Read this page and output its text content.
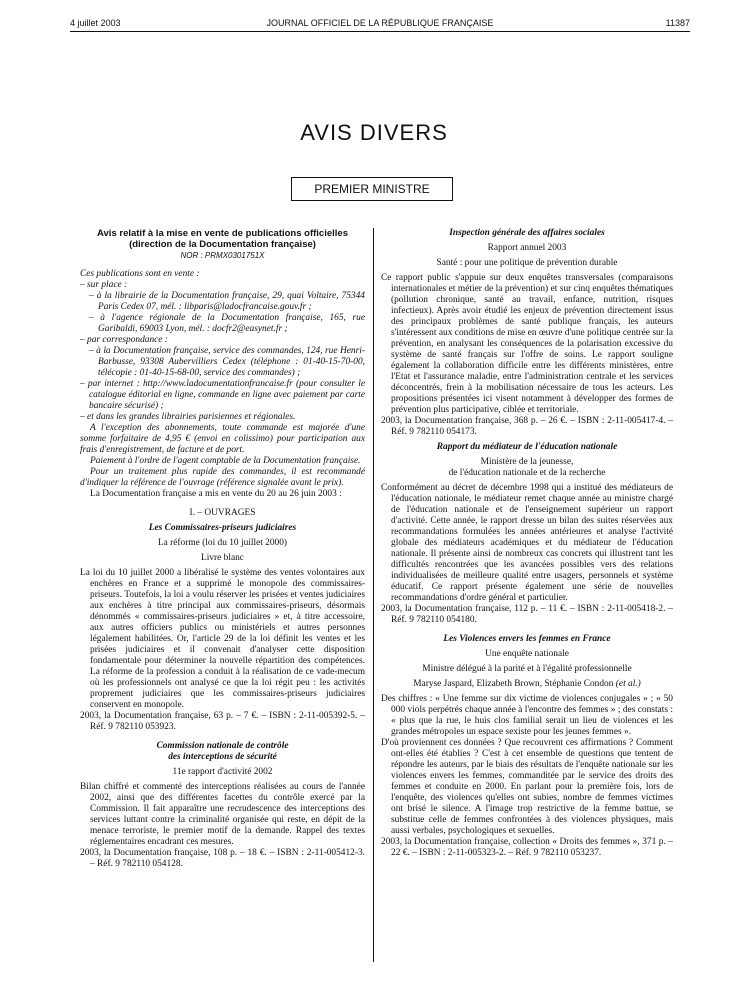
4 juillet 2003	JOURNAL OFFICIEL DE LA RÉPUBLIQUE FRANÇAISE	11387
AVIS DIVERS
PREMIER MINISTRE
Avis relatif à la mise en vente de publications officielles
(direction de la Documentation française)
NOR : PRMX0301751X
Ces publications sont en vente :
– sur place :
– à la librairie de la Documentation française, 29, quai Voltaire, 75344 Paris Cedex 07, mél. : libparis@ladocfrancaise.gouv.fr ;
– à l'agence régionale de la Documentation française, 165, rue Garibaldi, 69003 Lyon, mél. : docfr2@easynet.fr ;
– par correspondance :
– à la Documentation française, service des commandes, 124, rue Henri-Barbusse, 93308 Aubervilliers Cedex (téléphone : 01-40-15-70-00, télécopie : 01-40-15-68-00, service des commandes) ;
– par internet : http://www.ladocumentationfrancaise.fr (pour consulter le catalogue éditorial en ligne, commande en ligne avec paiement par carte bancaire sécurisé) ;
– et dans les grandes librairies parisiennes et régionales.
A l'exception des abonnements, toute commande est majorée d'une somme forfaitaire de 4,95 € (envoi en colissimo) pour participation aux frais d'enregistrement, de facture et de port.
Paiement à l'ordre de l'agent comptable de la Documentation française.
Pour un traitement plus rapide des commandes, il est recommandé d'indiquer la référence de l'ouvrage (référence signalée avant le prix).
La Documentation française a mis en vente du 20 au 26 juin 2003 :
I. – OUVRAGES
Les Commissaires-priseurs judiciaires
La réforme (loi du 10 juillet 2000)
Livre blanc
La loi du 10 juillet 2000 a libéralisé le système des ventes volontaires aux enchères en France et a supprimé le monopole des commissaires-priseurs. Toutefois, la loi a voulu réserver les prisées et ventes judiciaires aux enchères à titre principal aux commissaires-priseurs, désormais dénommés « commissaires-priseurs judiciaires » et, à titre accessoire, aux autres officiers publics ou ministériels et autres personnes légalement habilitées. Or, l'article 29 de la loi définit les ventes et les prisées judiciaires et il convenait d'analyser cette disposition fondamentale pour déterminer la nouvelle répartition des compétences. La réforme de la profession a conduit à la réalisation de ce vade-mecum où les professionnels ont analysé ce que la loi régit peu : les activités proprement judiciaires que les commissaires-priseurs judiciaires conservent en monopole.
2003, la Documentation française, 63 p. – 7 €. – ISBN : 2-11-005392-5. – Réf. 9 782110 053923.
Commission nationale de contrôle
des interceptions de sécurité
11e rapport d'activité 2002
Bilan chiffré et commenté des interceptions réalisées au cours de l'année 2002, ainsi que des différentes facettes du contrôle exercé par la Commission. Il fait apparaître une recrudescence des interceptions des services luttant contre la criminalité organisée qui reste, en dépit de la menace terroriste, le premier motif de la demande. Rappel des textes réglementaires encadrant ces mesures.
2003, la Documentation française, 108 p. – 18 €. – ISBN : 2-11-005412-3. – Réf. 9 782110 054128.
Inspection générale des affaires sociales
Rapport annuel 2003
Santé : pour une politique de prévention durable
Ce rapport public s'appuie sur deux enquêtes transversales (comparaisons internationales et métier de la prévention) et sur cinq enquêtes thématiques (pollution chronique, santé au travail, enfance, nutrition, risques infectieux). Après avoir étudié les enjeux de prévention directement issus des principaux problèmes de santé publique français, les auteurs s'intéressent aux conditions de mise en œuvre d'une politique centrée sur la prévention, en analysant les conséquences de la polarisation excessive du système de santé français sur l'offre de soins. Le rapport souligne également la collaboration difficile entre les différents ministères, entre l'Etat et l'assurance maladie, entre l'administration centrale et les services déconcentrés, frein à la mobilisation nécessaire de tous les acteurs. Les propositions présentées ici visent notamment à développer des formes de prévention plus participative, ciblée et territoriale.
2003, la Documentation française, 368 p. – 26 €. – ISBN : 2-11-005417-4. – Réf. 9 782110 054173.
Rapport du médiateur de l'éducation nationale
Ministère de la jeunesse,
de l'éducation nationale et de la recherche
Conformément au décret de décembre 1998 qui a institué des médiateurs de l'éducation nationale, le médiateur remet chaque année au ministre chargé de l'éducation nationale et de l'enseignement supérieur un rapport d'activité. Cette année, le rapport dresse un bilan des suites réservées aux recommandations formulées les années antérieures et analyse l'activité globale des médiateurs académiques et du médiateur de l'éducation nationale. Il présente ainsi de nombreux cas concrets qui illustrent tant les difficultés rencontrées que les avancées possibles vers des relations individualisées de meilleure qualité entre usagers, personnels et système éducatif. Ce rapport présente également une série de nouvelles recommandations d'ordre général et particulier.
2003, la Documentation française, 112 p. – 11 €. – ISBN : 2-11-005418-2. – Réf. 9 782110 054180.
Les Violences envers les femmes en France
Une enquête nationale
Ministre délégué à la parité et à l'égalité professionnelle
Maryse Jaspard, Elizabeth Brown, Stéphanie Condon (et al.)
Des chiffres : « Une femme sur dix victime de violences conjugales » ; « 50 000 viols perpétrés chaque année à l'encontre des femmes » ; des constats : « plus que la rue, le huis clos familial serait un lieu de violences et les grandes métropoles un espace sexiste pour les jeunes femmes ».
D'où proviennent ces données ? Que recouvrent ces affirmations ? Comment ont-elles été établies ? C'est à cet ensemble de questions que tentent de répondre les auteurs, par le biais des résultats de l'enquête nationale sur les violences envers les femmes, commanditée par le service des droits des femmes et conduite en 2000. En parlant pour la première fois, lors de l'enquête, des violences qu'elles ont subies, nombre de femmes victimes ont brisé le silence. A l'image trop restrictive de la femme battue, se substitue celle de femmes confrontées à des violences physiques, mais aussi verbales, psychologiques et sexuelles.
2003, la Documentation française, collection « Droits des femmes », 371 p. – 22 €. – ISBN : 2-11-005323-2. – Réf. 9 782110 053237.
